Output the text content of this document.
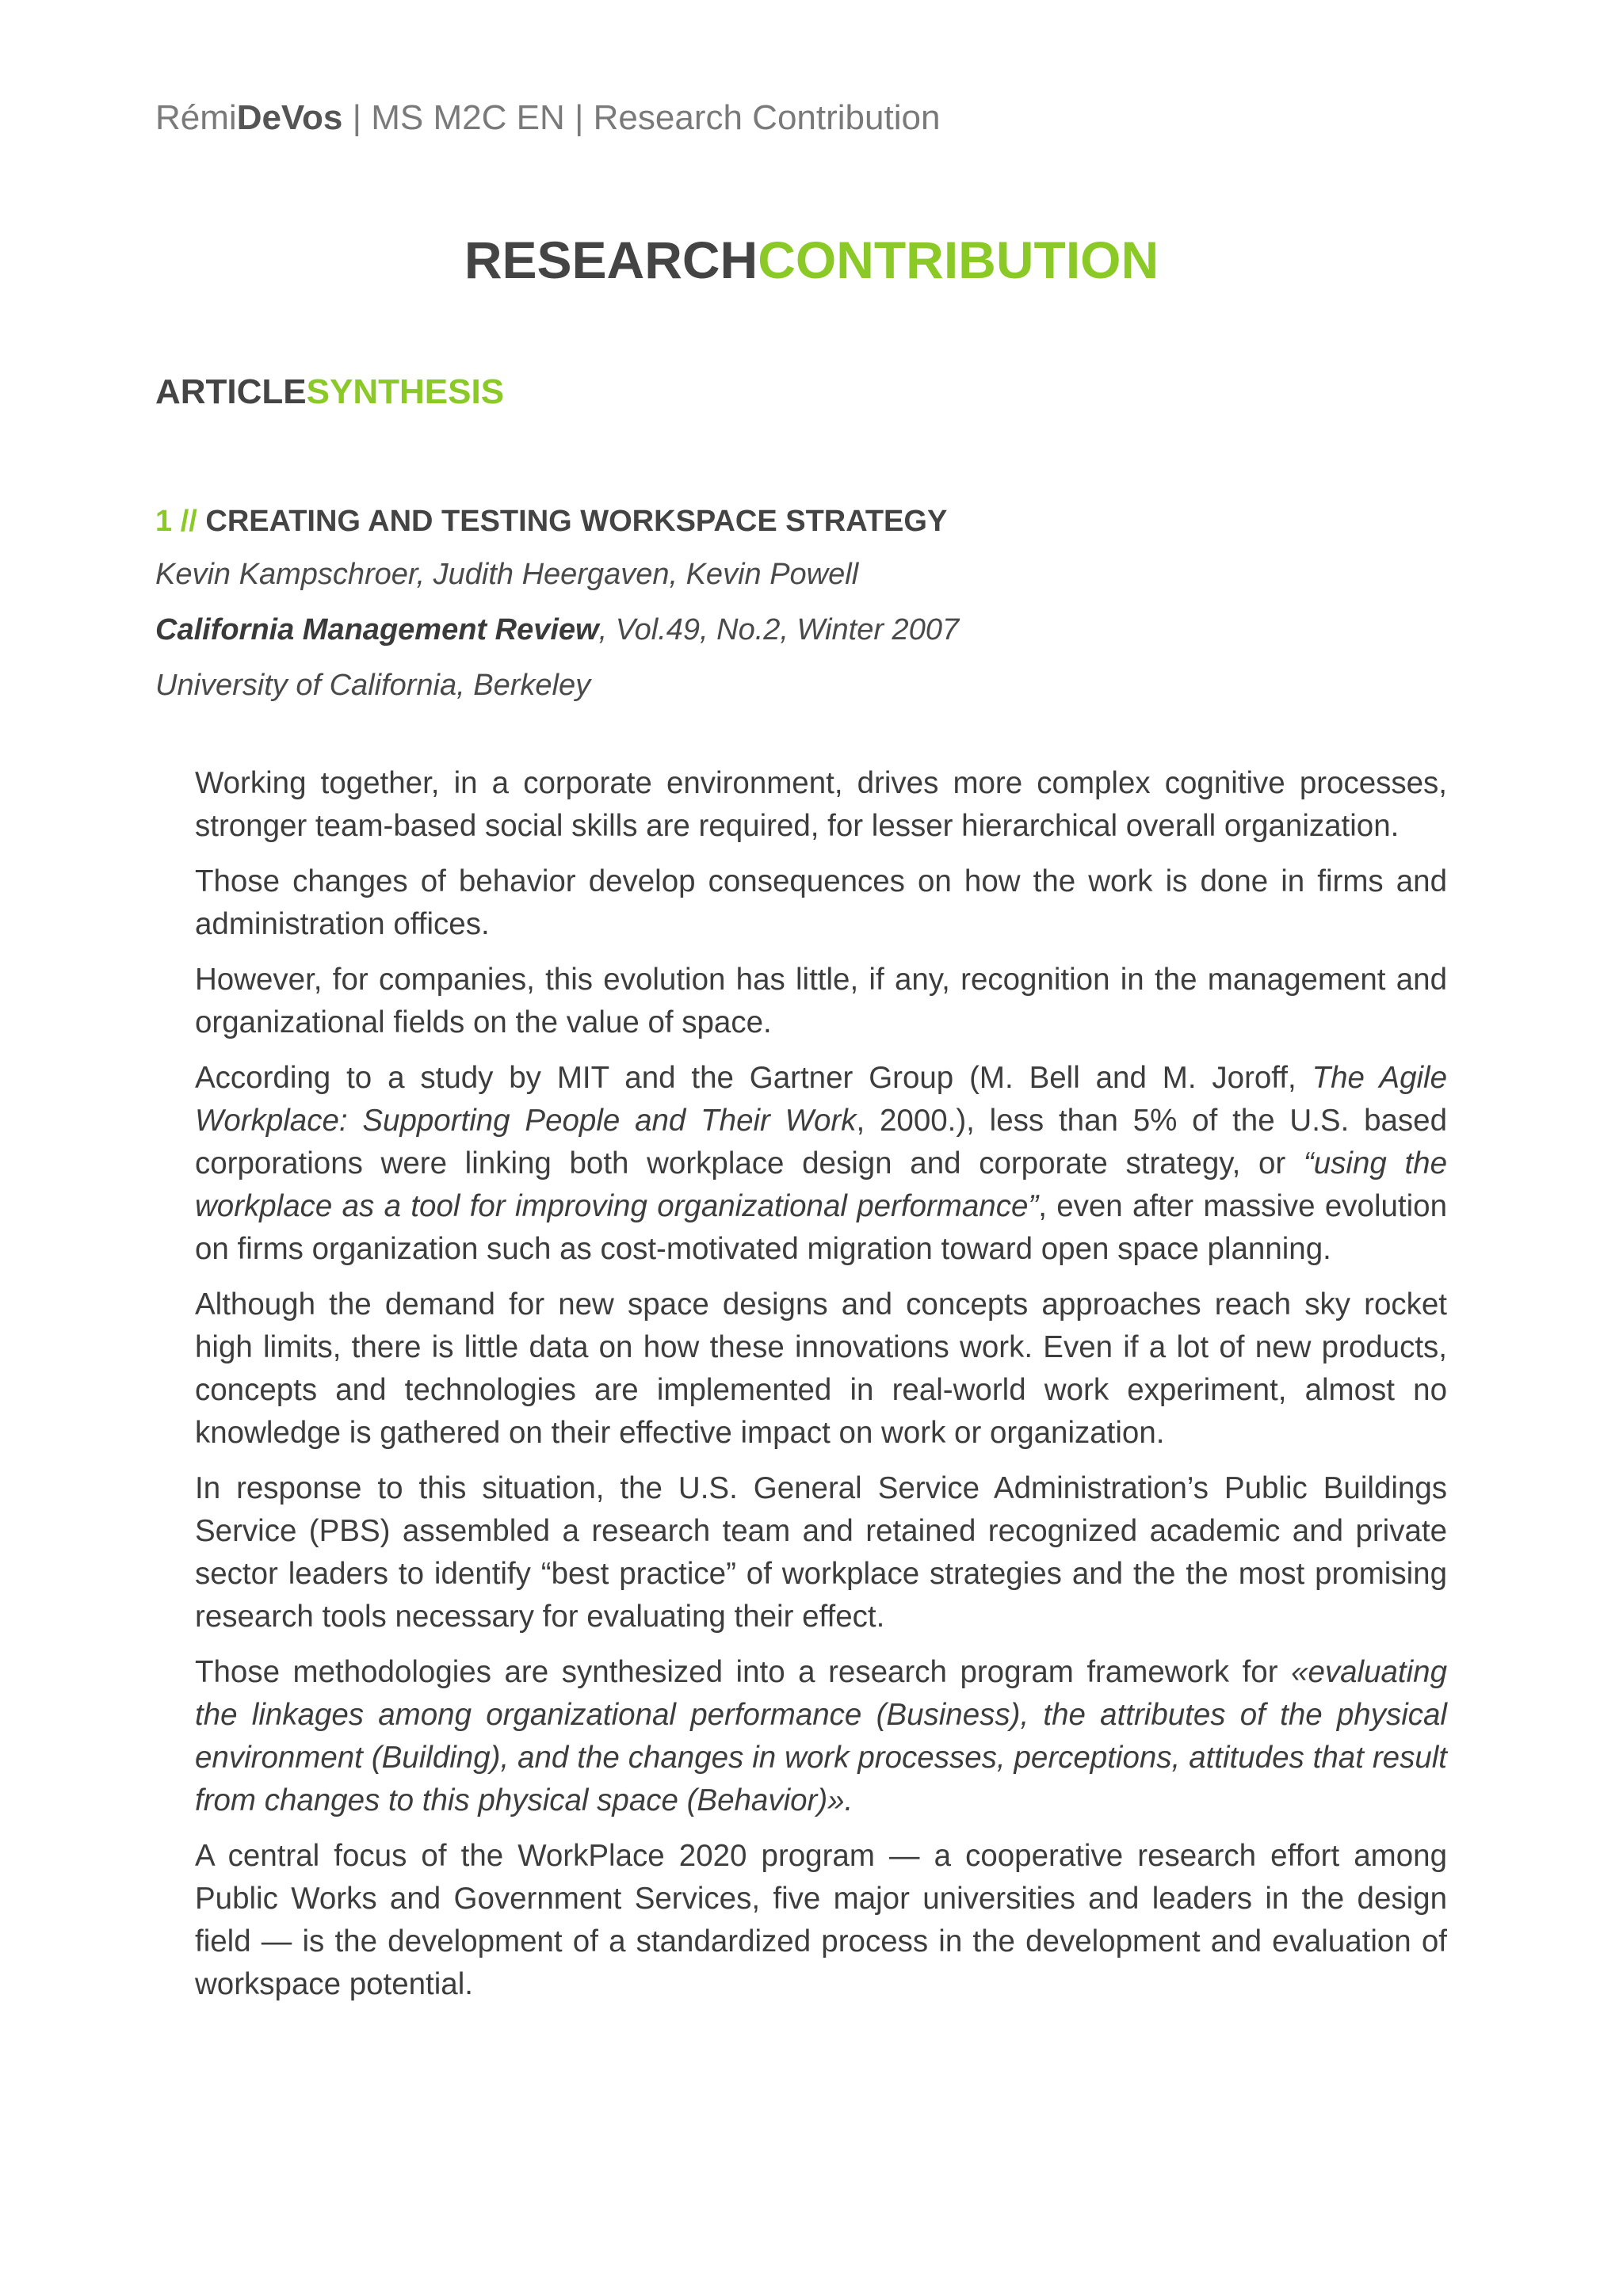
RémiDeVos | MS M2C EN | Research Contribution
RESEARCHCONTRIBUTION
ARTICLESYNTHESIS
1 // CREATING AND TESTING WORKSPACE STRATEGY
Kevin Kampschroer, Judith Heergaven, Kevin Powell
California Management Review, Vol.49, No.2, Winter 2007
University of California, Berkeley

Working together, in a corporate environment, drives more complex cognitive processes, stronger team-based social skills are required, for lesser hierarchical overall organization.

Those changes of behavior develop consequences on how the work is done in firms and administration offices.

However, for companies, this evolution has little, if any, recognition in the management and organizational fields on the value of space.

According to a study by MIT and the Gartner Group (M. Bell and M. Joroff, The Agile Workplace: Supporting People and Their Work, 2000.), less than 5% of the U.S. based corporations were linking both workplace design and corporate strategy, or “using the workplace as a tool for improving organizational performance”, even after massive evolution on firms organization such as cost-motivated migration toward open space planning.

Although the demand for new space designs and concepts approaches reach sky rocket high limits, there is little data on how these innovations work. Even if a lot of new products, concepts and technologies are implemented in real-world work experiment, almost no knowledge is gathered on their effective impact on work or organization.

In response to this situation, the U.S. General Service Administration’s Public Buildings Service (PBS) assembled a research team and retained recognized academic and private sector leaders to identify “best practice” of workplace strategies and the the most promising research tools necessary for evaluating their effect.

Those methodologies are synthesized into a research program framework for «evaluating the linkages among organizational performance (Business), the attributes of the physical environment (Building), and the changes in work processes, perceptions, attitudes that result from changes to this physical space (Behavior)».

A central focus of the WorkPlace 2020 program — a cooperative research effort among Public Works and Government Services, five major universities and leaders in the design field — is the development of a standardized process in the development and evaluation of workspace potential.
